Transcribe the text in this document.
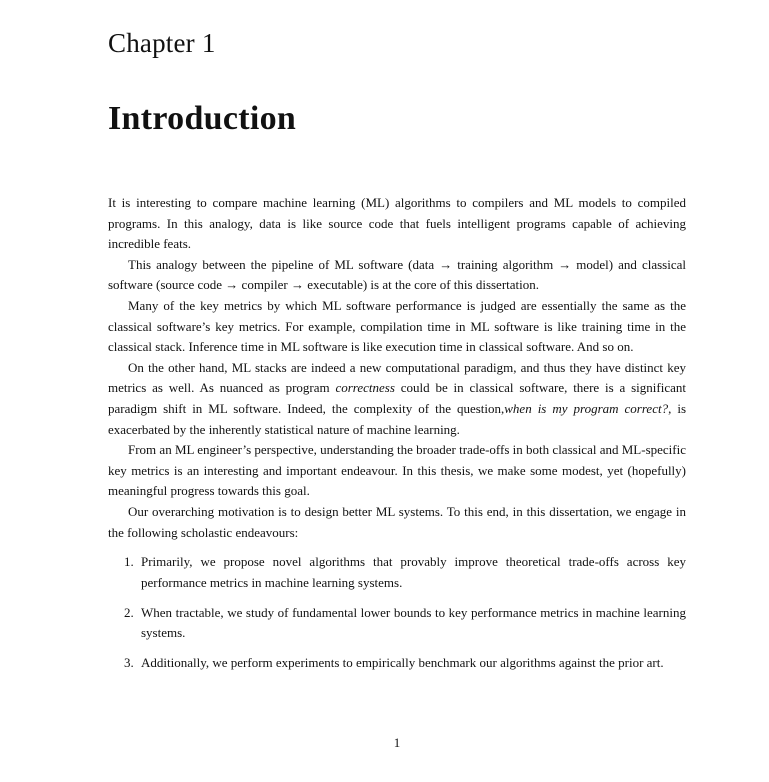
Chapter 1
Introduction

It is interesting to compare machine learning (ML) algorithms to compilers and ML models to compiled programs. In this analogy, data is like source code that fuels intelligent programs capable of achieving incredible feats.

This analogy between the pipeline of ML software (data → training algorithm → model) and classical software (source code → compiler → executable) is at the core of this dissertation.

Many of the key metrics by which ML software performance is judged are essentially the same as the classical software’s key metrics. For example, compilation time in ML software is like training time in the classical stack. Inference time in ML software is like execution time in classical software. And so on.

On the other hand, ML stacks are indeed a new computational paradigm, and thus they have distinct key metrics as well. As nuanced as program correctness could be in classical software, there is a significant paradigm shift in ML software. Indeed, the complexity of the question,when is my program correct?, is exacerbated by the inherently statistical nature of machine learning.

From an ML engineer’s perspective, understanding the broader trade-offs in both classical and ML-specific key metrics is an interesting and important endeavour. In this thesis, we make some modest, yet (hopefully) meaningful progress towards this goal.

Our overarching motivation is to design better ML systems. To this end, in this dissertation, we engage in the following scholastic endeavours:

1. Primarily, we propose novel algorithms that provably improve theoretical trade-offs across key performance metrics in machine learning systems.
2. When tractable, we study of fundamental lower bounds to key performance metrics in machine learning systems.
3. Additionally, we perform experiments to empirically benchmark our algorithms against the prior art.
1
